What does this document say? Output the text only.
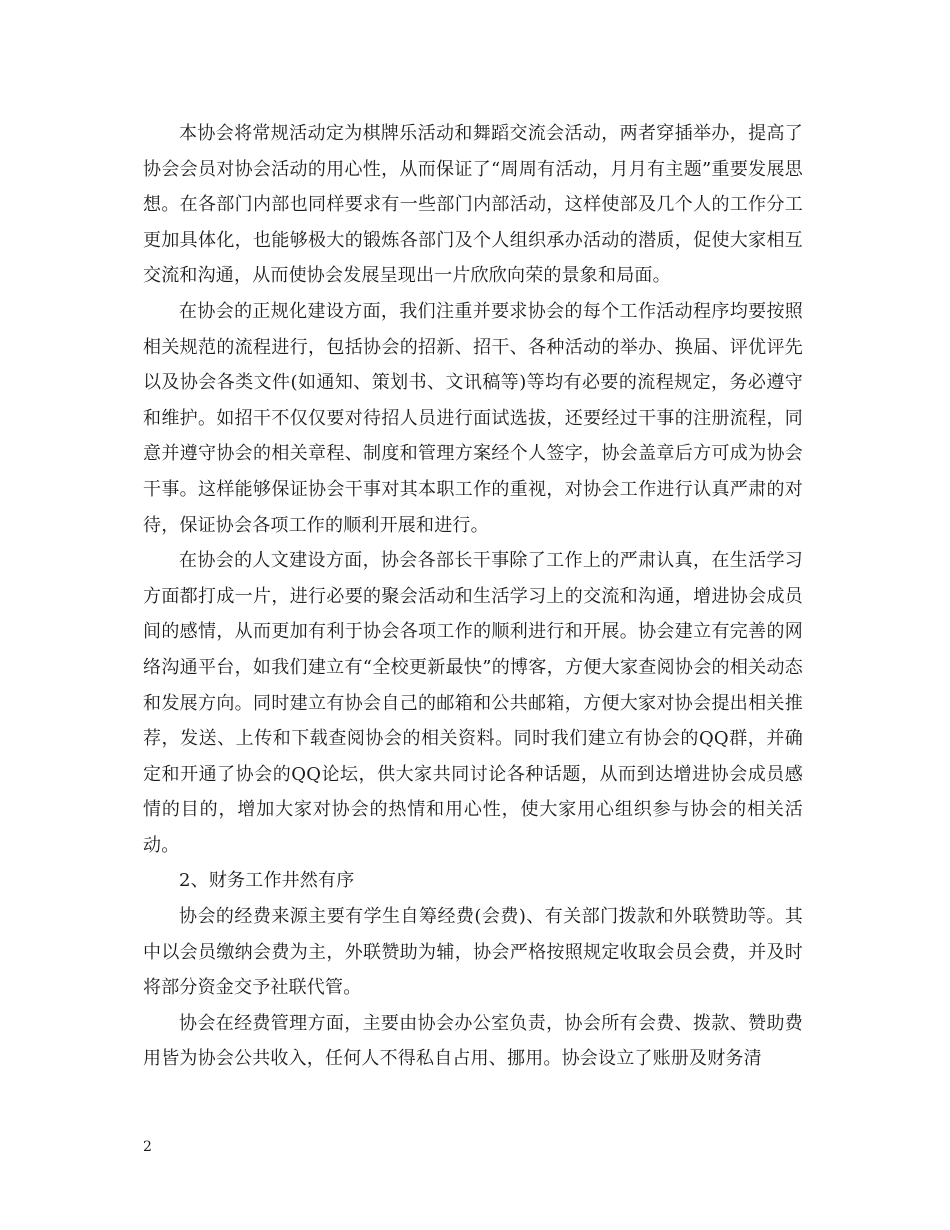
本协会将常规活动定为棋牌乐活动和舞蹈交流会活动，两者穿插举办，提高了协会会员对协会活动的用心性，从而保证了“周周有活动，月月有主题”重要发展思想。在各部门内部也同样要求有一些部门内部活动，这样使部及几个人的工作分工更加具体化，也能够极大的锻炼各部门及个人组织承办活动的潜质，促使大家相互交流和沟通，从而使协会发展呈现出一片欣欣向荣的景象和局面。

在协会的正规化建设方面，我们注重并要求协会的每个工作活动程序均要按照相关规范的流程进行，包括协会的招新、招干、各种活动的举办、换届、评优评先以及协会各类文件(如通知、策划书、文讯稿等)等均有必要的流程规定，务必遵守和维护。如招干不仅仅要对待招人员进行面试选拔，还要经过干事的注册流程，同意并遵守协会的相关章程、制度和管理方案经个人签字，协会盖章后方可成为协会干事。这样能够保证协会干事对其本职工作的重视，对协会工作进行认真严肃的对待，保证协会各项工作的顺利开展和进行。

在协会的人文建设方面，协会各部长干事除了工作上的严肃认真，在生活学习方面都打成一片，进行必要的聚会活动和生活学习上的交流和沟通，增进协会成员间的感情，从而更加有利于协会各项工作的顺利进行和开展。协会建立有完善的网络沟通平台，如我们建立有“全校更新最快”的博客，方便大家查阅协会的相关动态和发展方向。同时建立有协会自己的邮箱和公共邮箱，方便大家对协会提出相关推荐，发送、上传和下载查阅协会的相关资料。同时我们建立有协会的QQ群，并确定和开通了协会的QQ论坛，供大家共同讨论各种话题，从而到达增进协会成员感情的目的，增加大家对协会的热情和用心性，使大家用心组织参与协会的相关活动。

2、财务工作井然有序

协会的经费来源主要有学生自筹经费(会费)、有关部门拨款和外联赞助等。其中以会员缴纳会费为主，外联赞助为辅，协会严格按照规定收取会员会费，并及时将部分资金交予社联代管。

协会在经费管理方面，主要由协会办公室负责，协会所有会费、拨款、赞助费用皆为协会公共收入，任何人不得私自占用、挪用。协会设立了账册及财务清

2
